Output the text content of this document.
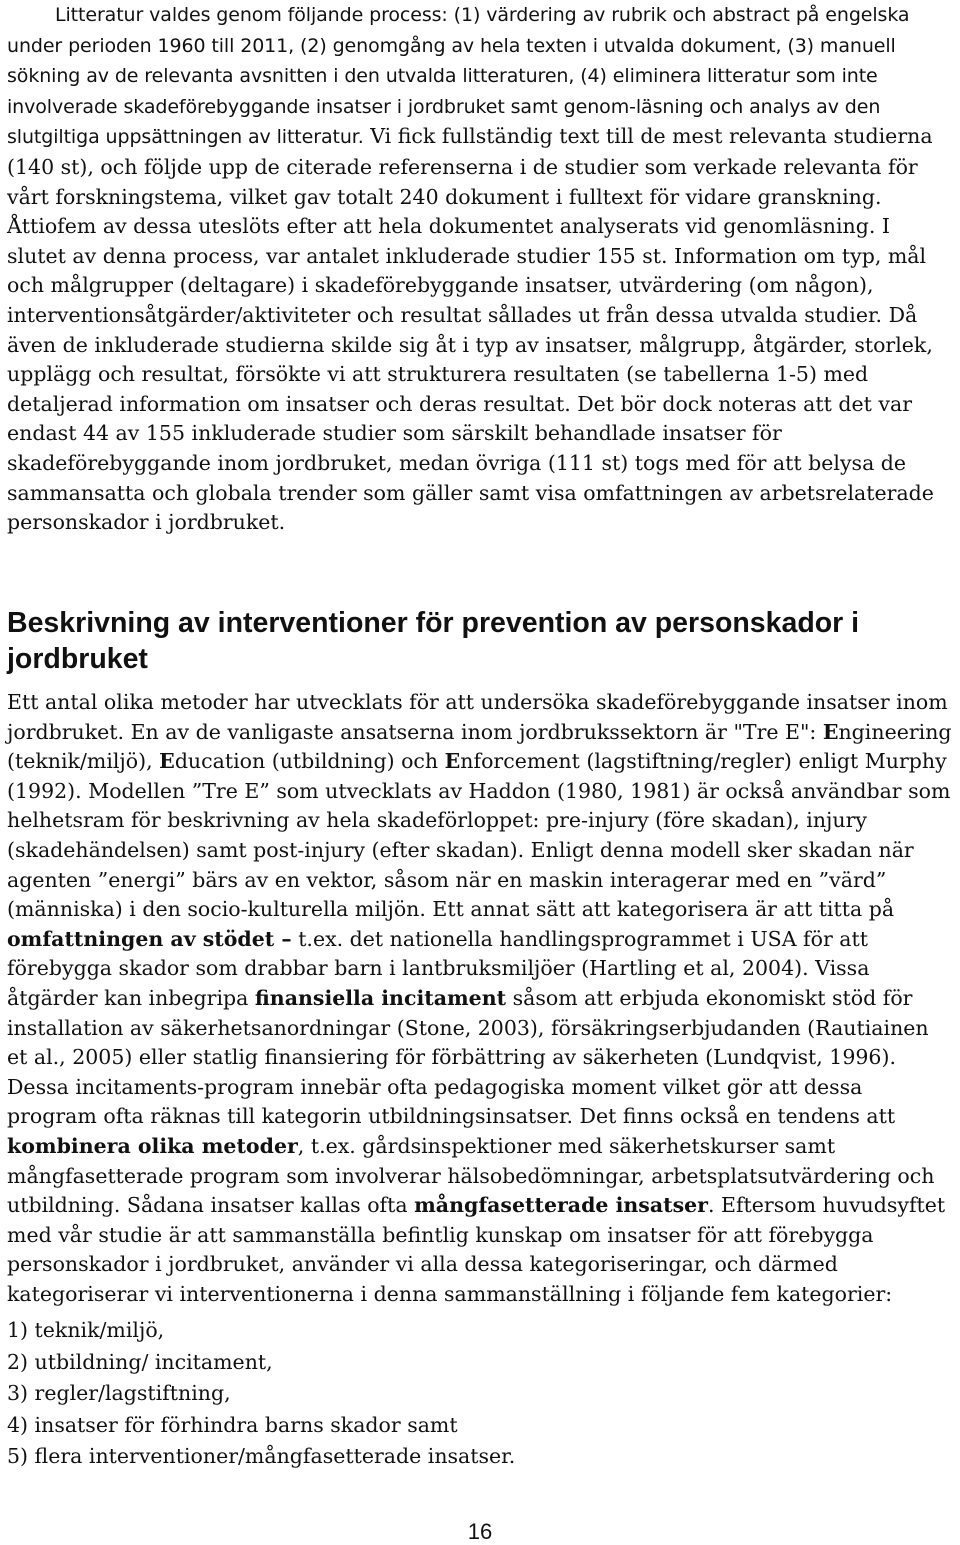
Litteratur valdes genom följande process: (1) värdering av rubrik och abstract på engelska under perioden 1960 till 2011, (2) genomgång av hela texten i utvalda dokument, (3) manuell sökning av de relevanta avsnitten i den utvalda litteraturen, (4) eliminera litteratur som inte involverade skadeförebyggande insatser i jordbruket samt genom-läsning och analys av den slutgiltiga uppsättningen av litteratur. Vi fick fullständig text till de mest relevanta studierna (140 st), och följde upp de citerade referenserna i de studier som verkade relevanta för vårt forskningstema, vilket gav totalt 240 dokument i fulltext för vidare granskning. Åttiofem av dessa uteslöts efter att hela dokumentet analyserats vid genomläsning. I slutet av denna process, var antalet inkluderade studier 155 st. Information om typ, mål och målgrupper (deltagare) i skadeförebyggande insatser, utvärdering (om någon), interventionsåtgärder/aktiviteter och resultat sållades ut från dessa utvalda studier. Då även de inkluderade studierna skilde sig åt i typ av insatser, målgrupp, åtgärder, storlek, upplägg och resultat, försökte vi att strukturera resultaten (se tabellerna 1-5) med detaljerad information om insatser och deras resultat. Det bör dock noteras att det var endast 44 av 155 inkluderade studier som särskilt behandlade insatser för skadeförebyggande inom jordbruket, medan övriga (111 st) togs med för att belysa de sammansatta och globala trender som gäller samt visa omfattningen av arbetsrelaterade personskador i jordbruket.

Beskrivning av interventioner för prevention av personskador i jordbruket

Ett antal olika metoder har utvecklats för att undersöka skadeförebyggande insatser inom jordbruket. En av de vanligaste ansatserna inom jordbrukssektorn är "Tre E": Engineering (teknik/miljö), Education (utbildning) och Enforcement (lagstiftning/regler) enligt Murphy (1992). Modellen ”Tre E” som utvecklats av Haddon (1980, 1981) är också användbar som helhetsram för beskrivning av hela skadeförloppet: pre-injury (före skadan), injury (skadehändelsen) samt post-injury (efter skadan). Enligt denna modell sker skadan när agenten ”energi” bärs av en vektor, såsom när en maskin interagerar med en ”värd” (människa) i den socio-kulturella miljön. Ett annat sätt att kategorisera är att titta på omfattningen av stödet – t.ex. det nationella handlingsprogrammet i USA för att förebygga skador som drabbar barn i lantbruksmiljöer (Hartling et al, 2004). Vissa åtgärder kan inbegripa finansiella incitament såsom att erbjuda ekonomiskt stöd för installation av säkerhetsanordningar (Stone, 2003), försäkringserbjudanden (Rautiainen et al., 2005) eller statlig finansiering för förbättring av säkerheten (Lundqvist, 1996). Dessa incitaments-program innebär ofta pedagogiska moment vilket gör att dessa program ofta räknas till kategorin utbildningsinsatser. Det finns också en tendens att kombinera olika metoder, t.ex. gårdsinspektioner med säkerhetskurser samt mångfasetterade program som involverar hälsobedömningar, arbetsplatsutvärdering och utbildning. Sådana insatser kallas ofta mångfasetterade insatser. Eftersom huvudsyftet med vår studie är att sammanställa befintlig kunskap om insatser för att förebygga personskador i jordbruket, använder vi alla dessa kategoriseringar, och därmed kategoriserar vi interventionerna i denna sammanställning i följande fem kategorier:

1) teknik/miljö,
2) utbildning/ incitament,
3) regler/lagstiftning,
4) insatser för förhindra barns skador samt
5) flera interventioner/mångfasetterade insatser.
16
